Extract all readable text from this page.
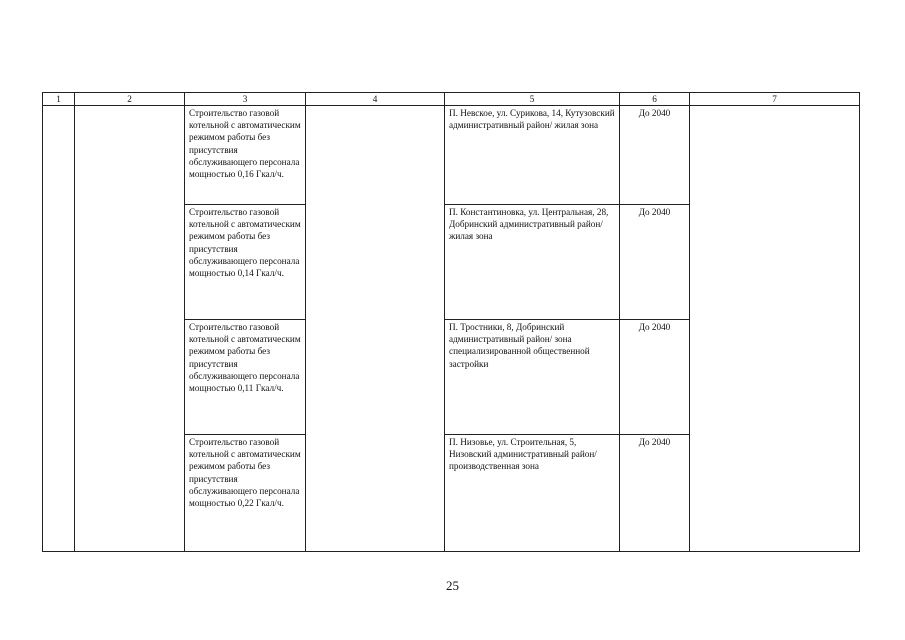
1	2	3	4	5	6	7
		Строительство газовой котельной с автоматическим режимом работы без присутствия обслуживающего персонала мощностью 0,16 Гкал/ч.		П. Невское, ул. Сурикова, 14, Кутузовский административный район/ жилая зона	До 2040	
		Строительство газовой котельной с автоматическим режимом работы без присутствия обслуживающего персонала мощностью 0,14 Гкал/ч.		П. Константиновка, ул. Центральная, 28, Добринский административный район/ жилая зона	До 2040	
		Строительство газовой котельной с автоматическим режимом работы без присутствия обслуживающего персонала мощностью 0,11 Гкал/ч.		П. Тростники, 8, Добринский административный район/ зона специализированной общественной застройки	До 2040	
		Строительство газовой котельной с автоматическим режимом работы без присутствия обслуживающего персонала мощностью 0,22 Гкал/ч.		П. Низовье, ул. Строительная, 5, Низовский административный район/ производственная зона	До 2040	
25
